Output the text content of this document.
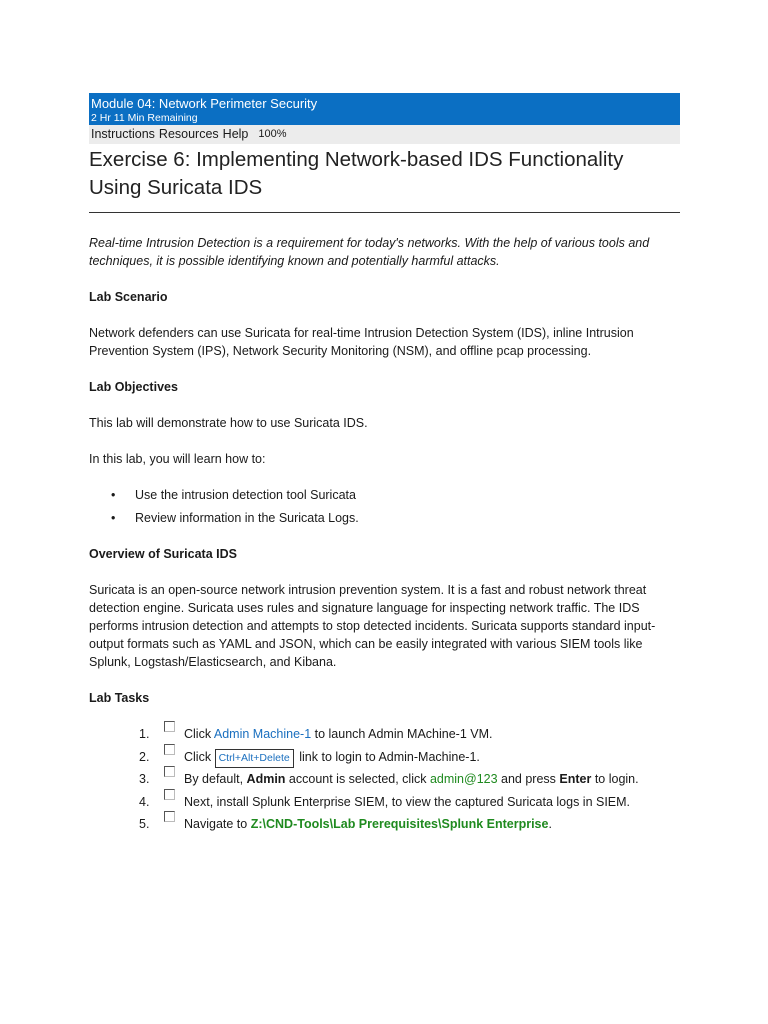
Module 04: Network Perimeter Security
2 Hr 11 Min Remaining
Instructions Resources Help 100%
Exercise 6: Implementing Network-based IDS Functionality Using Suricata IDS

Real-time Intrusion Detection is a requirement for today's networks. With the help of various tools and techniques, it is possible identifying known and potentially harmful attacks.

Lab Scenario

Network defenders can use Suricata for real-time Intrusion Detection System (IDS), inline Intrusion Prevention System (IPS), Network Security Monitoring (NSM), and offline pcap processing.

Lab Objectives

This lab will demonstrate how to use Suricata IDS.

In this lab, you will learn how to:

• Use the intrusion detection tool Suricata
• Review information in the Suricata Logs.
Overview of Suricata IDS

Suricata is an open-source network intrusion prevention system. It is a fast and robust network threat detection engine. Suricata uses rules and signature language for inspecting network traffic. The IDS performs intrusion detection and attempts to stop detected incidents. Suricata supports standard input-output formats such as YAML and JSON, which can be easily integrated with various SIEM tools like Splunk, Logstash/Elasticsearch, and Kibana.

Lab Tasks
1.	Click Admin Machine-1 to launch Admin MAchine-1 VM.
2.	Click Ctrl+Alt+Delete link to login to Admin-Machine-1.
3.	By default, Admin account is selected, click admin@123 and press Enter to login.
4.	Next, install Splunk Enterprise SIEM, to view the captured Suricata logs in SIEM.
5.	Navigate to Z:\CND-Tools\Lab Prerequisites\Splunk Enterprise.
